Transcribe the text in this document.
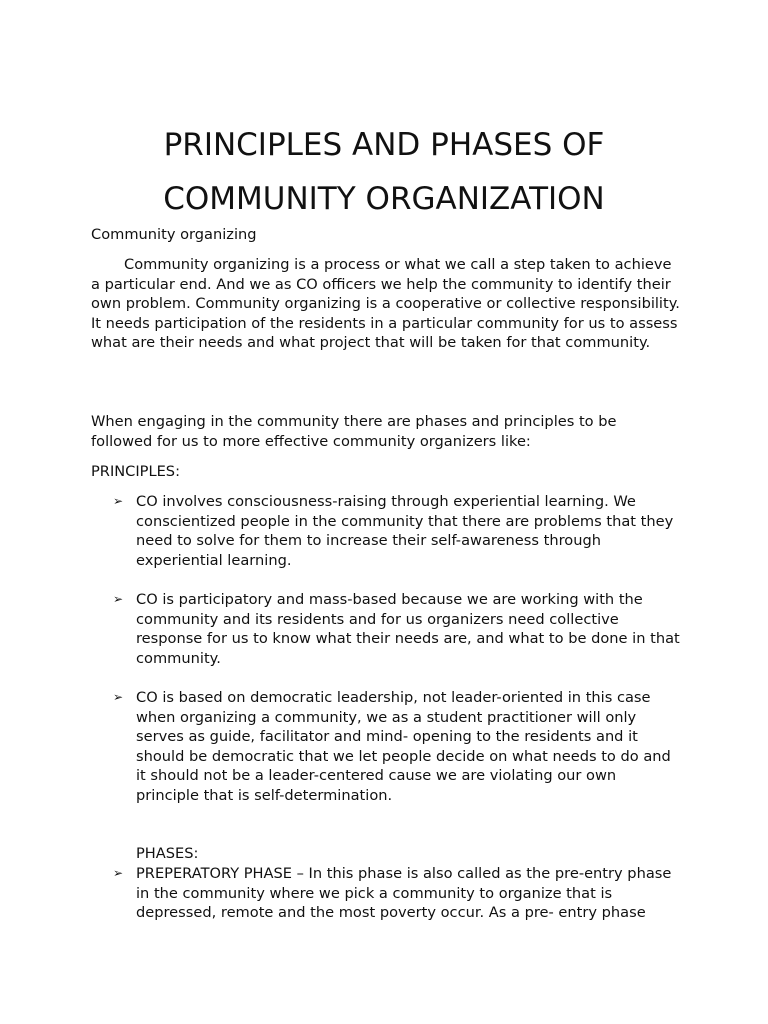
PRINCIPLES AND PHASES OF
COMMUNITY ORGANIZATION
Community organizing
Community organizing is a process or what we call a step taken to achieve a particular end. And we as CO officers we help the community to identify their own problem. Community organizing is a cooperative or collective responsibility. It needs participation of the residents in a particular community for us to assess what are their needs and what project that will be taken for that community.
When engaging in the community there are phases and principles to be followed for us to more effective community organizers like:
PRINCIPLES:
➢ CO involves consciousness-raising through experiential learning. We conscientized people in the community that there are problems that they need to solve for them to increase their self-awareness through experiential learning.
➢ CO is participatory and mass-based because we are working with the community and its residents and for us organizers need collective response for us to know what their needs are, and what to be done in that community.
➢ CO is based on democratic leadership, not leader-oriented in this case when organizing a community, we as a student practitioner will only serves as guide, facilitator and mind- opening to the residents and it should be democratic that we let people decide on what needs to do and it should not be a leader-centered cause we are violating our own principle that is self-determination.
PHASES:
➢ PREPERATORY PHASE – In this phase is also called as the pre-entry phase in the community where we pick a community to organize that is depressed, remote and the most poverty occur. As a pre- entry phase
